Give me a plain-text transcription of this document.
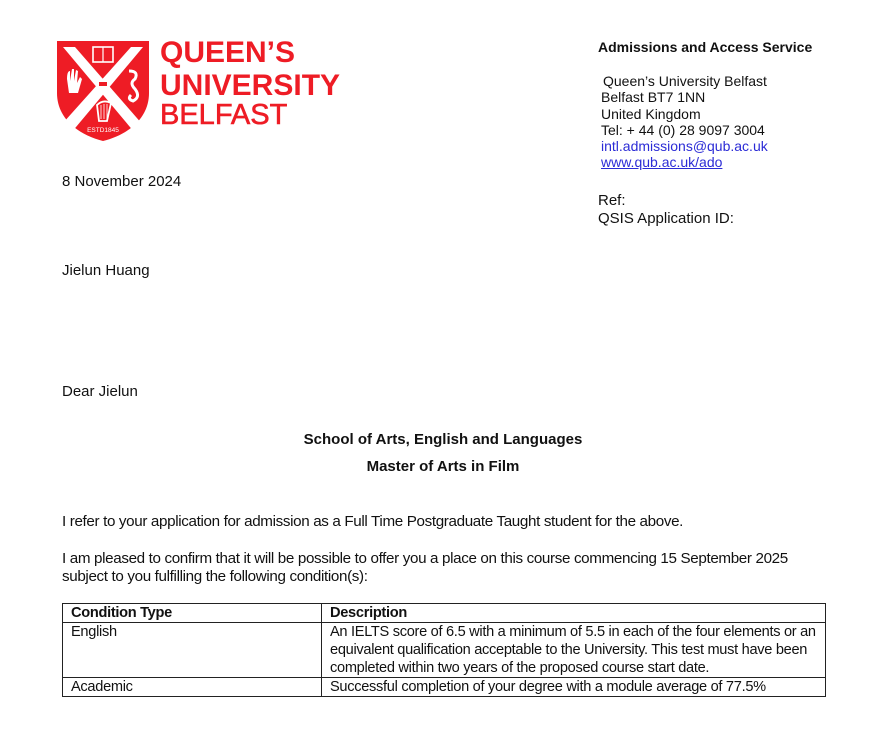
ESTD1845
QUEEN’S
UNIVERSITY
BELFAST
Admissions and Access Service
Queen’s University Belfast
Belfast BT7 1NN
United Kingdom
Tel: + 44 (0) 28 9097 3004
intl.admissions@qub.ac.uk
www.qub.ac.uk/ado
Ref:
QSIS Application ID:
8 November 2024
Jielun Huang
Dear Jielun
School of Arts, English and Languages
Master of Arts in Film
I refer to your application for admission as a Full Time Postgraduate Taught student for the above.
I am pleased to confirm that it will be possible to offer you a place on this course commencing 15 September 2025 subject to you fulfilling the following condition(s):
Condition Type	Description
English	An IELTS score of 6.5 with a minimum of 5.5 in each of the four elements or an equivalent qualification acceptable to the University. This test must have been completed within two years of the proposed course start date.
Academic	Successful completion of your degree with a module average of 77.5%
